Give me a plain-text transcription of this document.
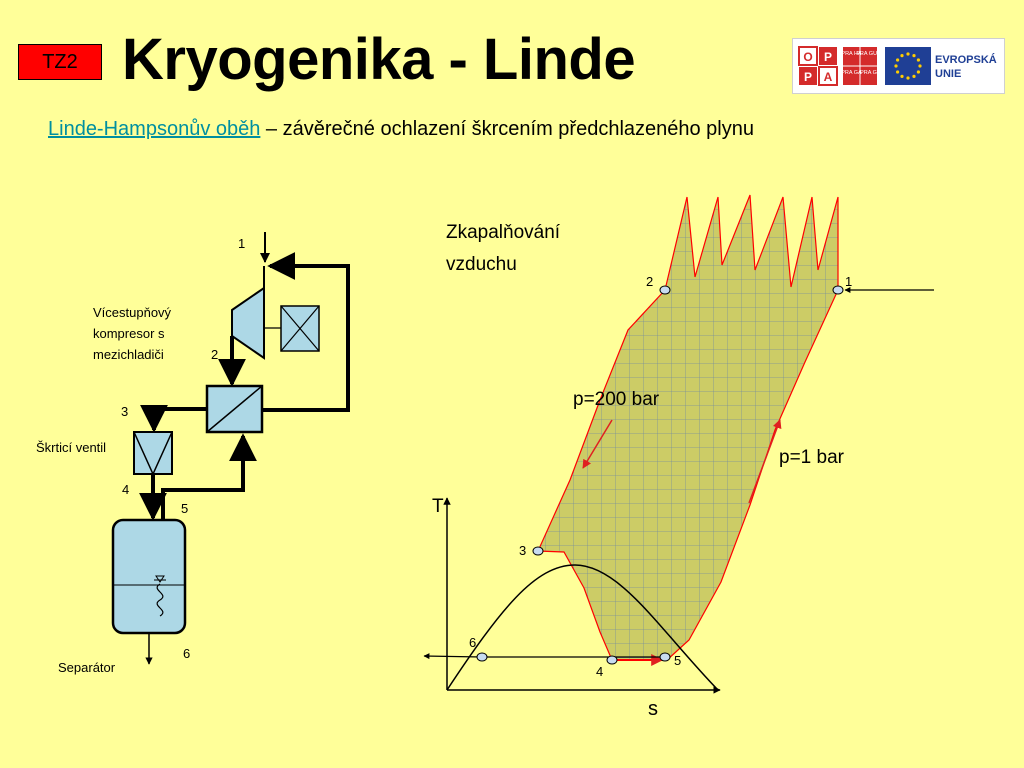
TZ2 Kryogenika - Linde	O P
P A
PRA HA
PRA GUE
PRA GA
PRA G
EVROPSKÁ
UNIE
Linde-Hampsonův oběh – závěrečné ochlazení škrcením předchlazeného plynu
1
2
3
4
5
6
Vícestupňový
kompresor s
mezichladiči
Škrticí ventil
Separátor
Zkapalňování
vzduchu
p=200 bar
p=1 bar
T
s
1
2
3
4
5
6
